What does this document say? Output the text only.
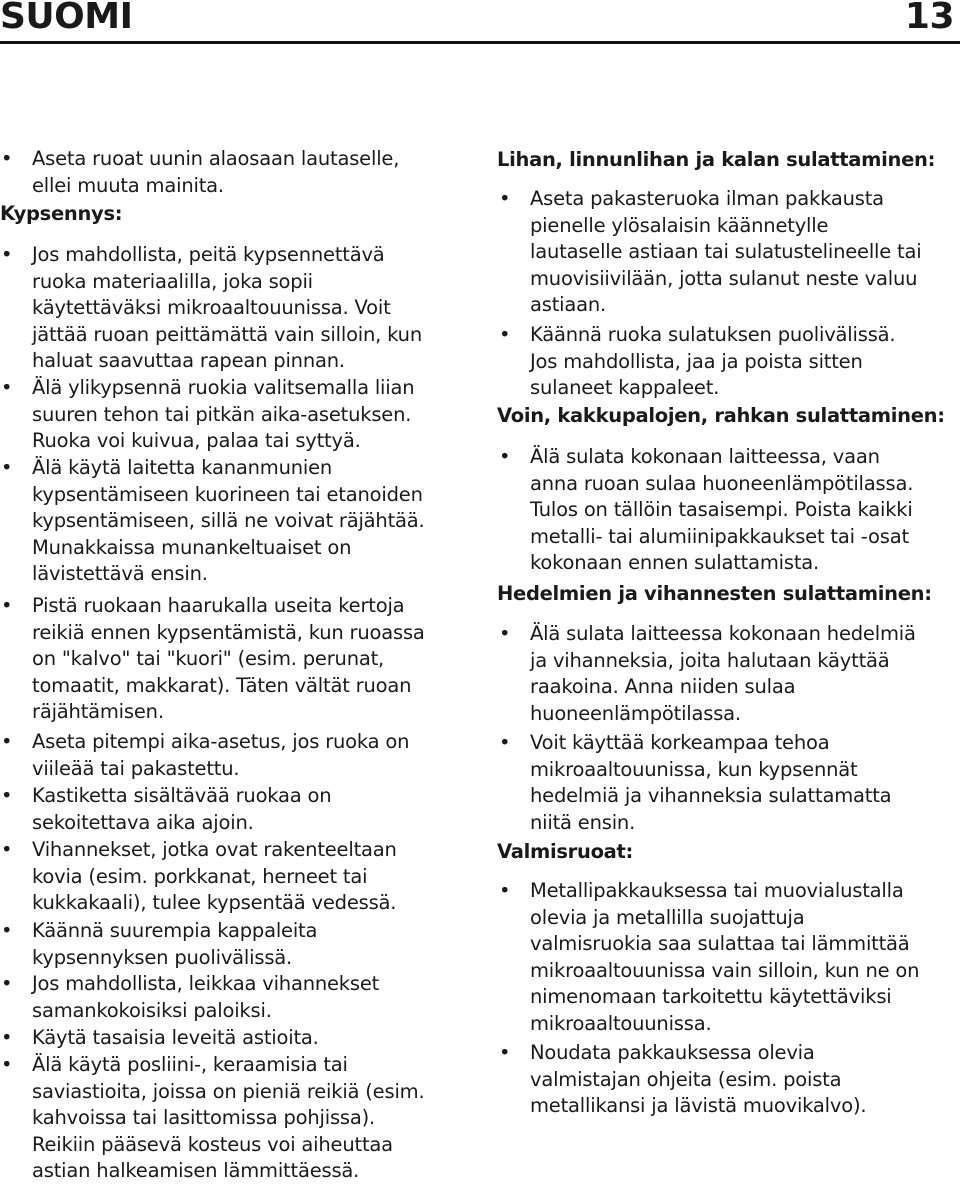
SUOMI	13
• Aseta ruoat uunin alaosaan lautaselle,
ellei muuta mainita.
Kypsennys:
• Jos mahdollista, peitä kypsennettävä
ruoka materiaalilla, joka sopii
käytettäväksi mikroaaltouunissa. Voit
jättää ruoan peittämättä vain silloin, kun
haluat saavuttaa rapean pinnan.
• Älä ylikypsennä ruokia valitsemalla liian
suuren tehon tai pitkän aika-asetuksen.
Ruoka voi kuivua, palaa tai syttyä.
• Älä käytä laitetta kananmunien
kypsentämiseen kuorineen tai etanoiden
kypsentämiseen, sillä ne voivat räjähtää.
Munakkaissa munankeltuaiset on
lävistettävä ensin.
• Pistä ruokaan haarukalla useita kertoja
reikiä ennen kypsentämistä, kun ruoassa
on "kalvo" tai "kuori" (esim. perunat,
tomaatit, makkarat). Täten vältät ruoan
räjähtämisen.
• Aseta pitempi aika-asetus, jos ruoka on
viileää tai pakastettu.
• Kastiketta sisältävää ruokaa on
sekoitettava aika ajoin.
• Vihannekset, jotka ovat rakenteeltaan
kovia (esim. porkkanat, herneet tai
kukkakaali), tulee kypsentää vedessä.
• Käännä suurempia kappaleita
kypsennyksen puolivälissä.
• Jos mahdollista, leikkaa vihannekset
samankokoisiksi paloiksi.
• Käytä tasaisia leveitä astioita.
• Älä käytä posliini-, keraamisia tai
saviastioita, joissa on pieniä reikiä (esim.
kahvoissa tai lasittomissa pohjissa).
Reikiin pääsevä kosteus voi aiheuttaa
astian halkeamisen lämmittäessä.
Lihan, linnunlihan ja kalan sulattaminen:
• Aseta pakasteruoka ilman pakkausta
pienelle ylösalaisin käännetylle
lautaselle astiaan tai sulatustelineelle tai
muovisiivilään, jotta sulanut neste valuu
astiaan.
• Käännä ruoka sulatuksen puolivälissä.
Jos mahdollista, jaa ja poista sitten
sulaneet kappaleet.
Voin, kakkupalojen, rahkan sulattaminen:
• Älä sulata kokonaan laitteessa, vaan
anna ruoan sulaa huoneenlämpötilassa.
Tulos on tällöin tasaisempi. Poista kaikki
metalli- tai alumiinipakkaukset tai -osat
kokonaan ennen sulattamista.
Hedelmien ja vihannesten sulattaminen:
• Älä sulata laitteessa kokonaan hedelmiä
ja vihanneksia, joita halutaan käyttää
raakoina. Anna niiden sulaa
huoneenlämpötilassa.
• Voit käyttää korkeampaa tehoa
mikroaaltouunissa, kun kypsennät
hedelmiä ja vihanneksia sulattamatta
niitä ensin.
Valmisruoat:
• Metallipakkauksessa tai muovialustalla
olevia ja metallilla suojattuja
valmisruokia saa sulattaa tai lämmittää
mikroaaltouunissa vain silloin, kun ne on
nimenomaan tarkoitettu käytettäviksi
mikroaaltouunissa.
• Noudata pakkauksessa olevia
valmistajan ohjeita (esim. poista
metallikansi ja lävistä muovikalvo).
